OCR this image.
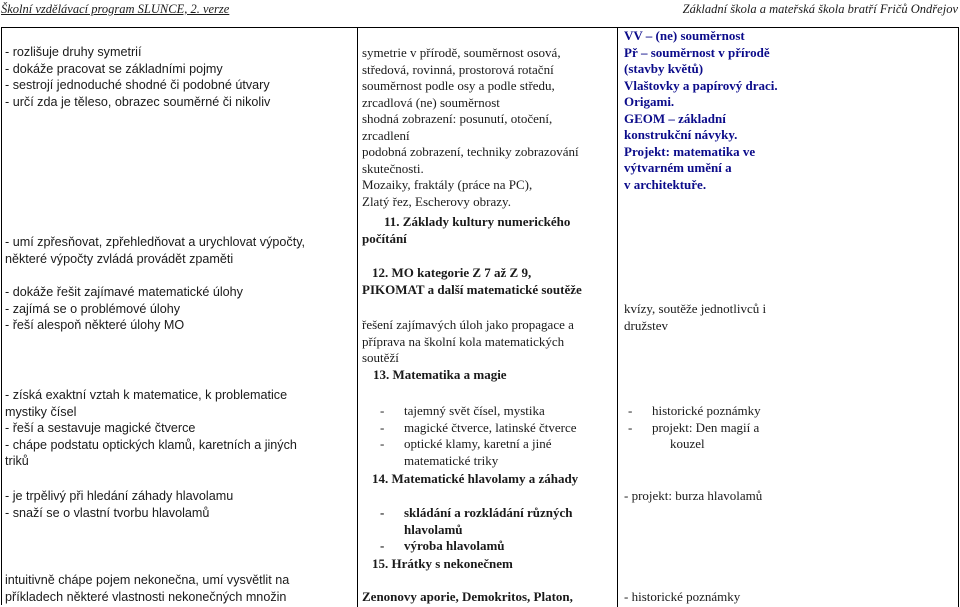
Školní vzdělávací program SLUNCE, 2. verze	Základní škola a mateřská škola bratří Fričů Ondřejov
- rozlišuje druhy symetrií
- dokáže pracovat se základními pojmy
- sestrojí jednoduché shodné či podobné útvary
- určí zda je těleso, obrazec souměrné či nikoliv
- umí zpřesňovat, zpřehledňovat a urychlovat výpočty,
některé výpočty zvládá provádět zpaměti
- dokáže řešit zajímavé matematické úlohy
- zajímá se o problémové úlohy
- řeší alespoň některé úlohy MO
- získá exaktní vztah k matematice, k problematice
mystiky čísel
- řeší a sestavuje magické čtverce
- chápe podstatu optických klamů, karetních a jiných
triků
- je trpělivý při hledání záhady hlavolamu
- snaží se o vlastní tvorbu hlavolamů
intuitivně chápe pojem nekonečna, umí vysvětlit na
příkladech některé vlastnosti nekonečných množin
symetrie v přírodě, souměrnost osová,
středová, rovinná, prostorová rotační
souměrnost podle osy a podle středu,
zrcadlová (ne) souměrnost
shodná zobrazení: posunutí, otočení,
zrcadlení
podobná zobrazení, techniky zobrazování
skutečnosti.
Mozaiky, fraktály (práce na PC),
Zlatý řez, Escherovy obrazy.
11. Základy kultury numerického
počítání
12. MO kategorie Z 7 až Z 9,
PIKOMAT a další matematické soutěže
řešení zajímavých úloh jako propagace a
příprava na školní kola matematických
soutěží
13. Matematika a magie
- tajemný svět čísel, mystika
- magické čtverce, latinské čtverce
- optické klamy, karetní a jiné
matematické triky
14. Matematické hlavolamy a záhady
- skládání a rozkládání různých
hlavolamů
- výroba hlavolamů
15. Hrátky s nekonečnem
Zenonovy aporie, Demokritos, Platon,
VV – (ne) souměrnost
Př – souměrnost v přírodě
(stavby květů)
Vlaštovky a papírový draci.
Origami.
GEOM – základní
konstrukční návyky.
Projekt: matematika ve
výtvarném umění a
v architektuře.
kvízy, soutěže jednotlivců i
družstev
- historické poznámky
- projekt: Den magií a
kouzel
- projekt: burza hlavolamů
- historické poznámky
